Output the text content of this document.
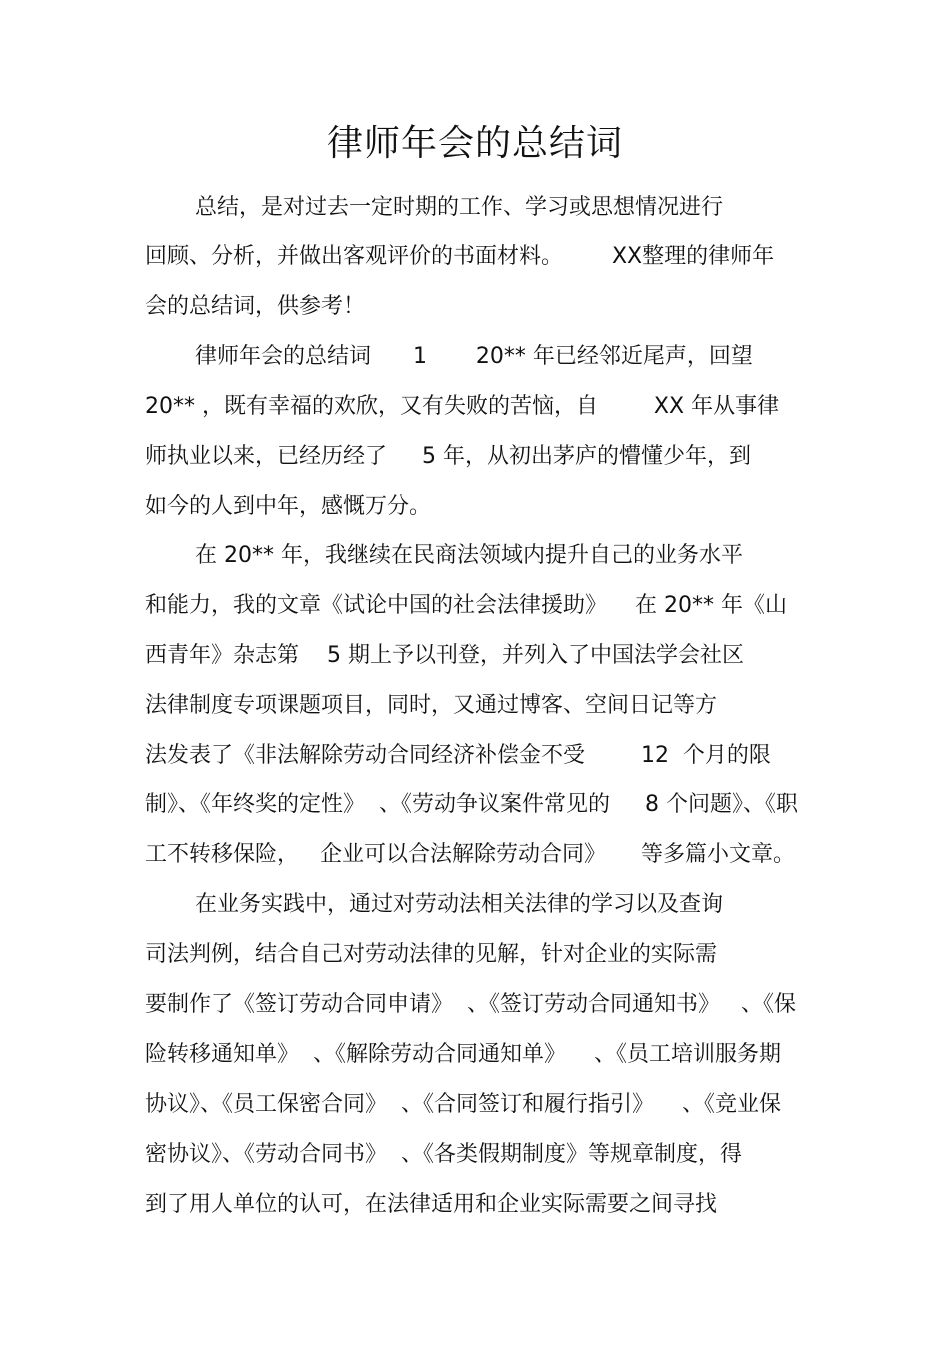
律师年会的总结词

总结，是对过去一定时期的工作、学习或思想情况进行

回顾、分析，并做出客观评价的书面材料。       XX整理的律师年

会的总结词，供参考！

律师年会的总结词      1       20** 年已经邻近尾声，回望

20** ，既有幸福的欢欣，又有失败的苦恼，自        XX 年从事律

师执业以来，已经历经了     5 年，从初出茅庐的懵懂少年，到

如今的人到中年，感慨万分。

在 20** 年，我继续在民商法领域内提升自己的业务水平

和能力，我的文章《试论中国的社会法律援助》    在 20** 年《山

西青年》杂志第    5 期上予以刊登，并列入了中国法学会社区

法律制度专项课题项目，同时，又通过博客、空间日记等方

法发表了《非法解除劳动合同经济补偿金不受        12  个月的限

制》、《年终奖的定性》  、《劳动争议案件常见的     8 个问题》、《职

工不转移保险，   企业可以合法解除劳动合同》     等多篇小文章。

在业务实践中，通过对劳动法相关法律的学习以及查询

司法判例，结合自己对劳动法律的见解，针对企业的实际需

要制作了《签订劳动合同申请》  、《签订劳动合同通知书》   、《保

险转移通知单》  、《解除劳动合同通知单》    、《员工培训服务期

协议》、《员工保密合同》  、《合同签订和履行指引》    、《竞业保

密协议》、《劳动合同书》  、《各类假期制度》等规章制度，得

到了用人单位的认可，在法律适用和企业实际需要之间寻找
